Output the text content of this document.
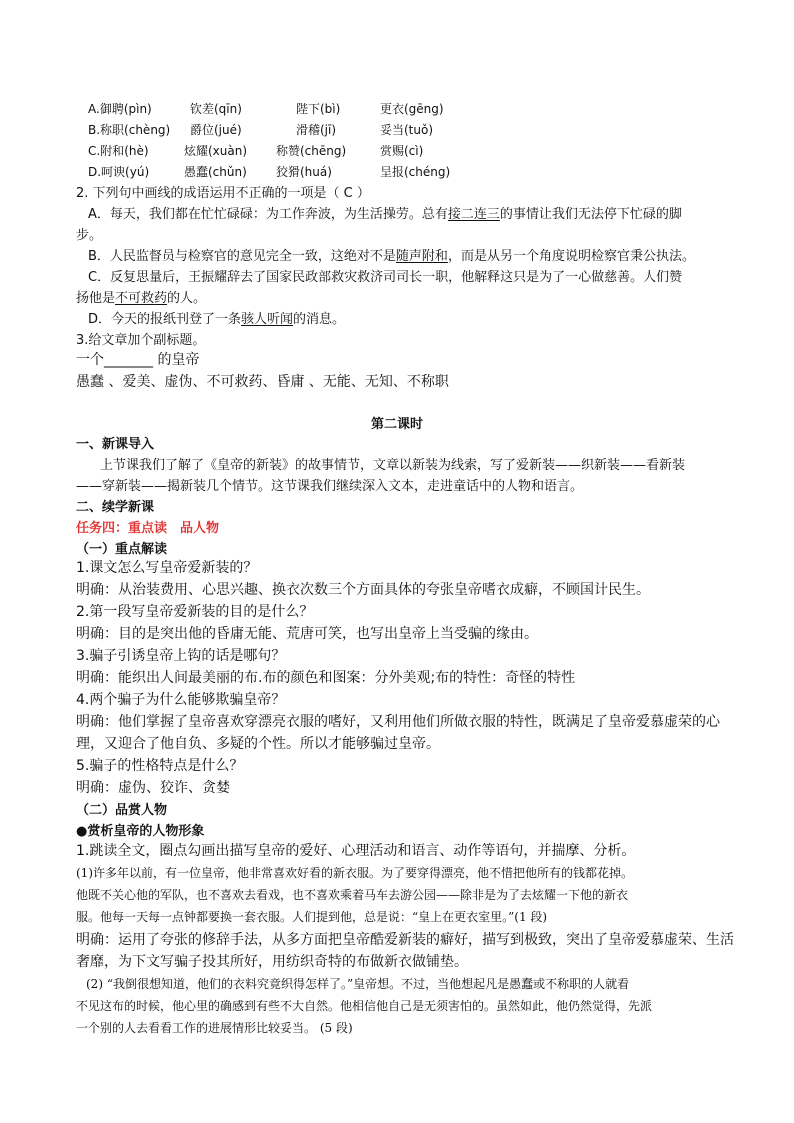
A.御聘(pìn)	钦差(qīn)	陛下(bì)	更衣(gēng)
B.称职(chèng) 爵位(jué)	滑稽(jī)	妥当(tuǒ)
C.附和(hè)	炫耀(xuàn) 称赞(chēng)	赏赐(cì)
D.呵谀(yú)	愚蠢(chǔn) 狡猾(huá)	呈报(chéng)
2. 下列句中画线的成语运用不正确的一项是（ C ）
A．每天，我们都在忙忙碌碌：为工作奔波，为生活操劳。总有接二连三的事情让我们无法停下忙碌的脚
步。
B．人民监督员与检察官的意见完全一致，这绝对不是随声附和，而是从另一个角度说明检察官秉公执法。
C．反复思量后，王振耀辞去了国家民政部救灾救济司司长一职，他解释这只是为了一心做慈善。人们赞
扬他是不可救药的人。
D．今天的报纸刊登了一条骇人听闻的消息。
3.给文章加个副标题。
一个_______ 的皇帝
愚蠢 、爱美、虚伪、不可救药、昏庸 、无能、无知、不称职
第二课时
一、新课导入
上节课我们了解了《皇帝的新装》的故事情节，文章以新装为线索，写了爱新装——织新装——看新装
——穿新装——揭新装几个情节。这节课我们继续深入文本，走进童话中的人物和语言。
二、续学新课
任务四：重点读　品人物
（一）重点解读
1.课文怎么写皇帝爱新装的？
明确：从治装费用、心思兴趣、换衣次数三个方面具体的夸张皇帝嗜衣成癖，不顾国计民生。
2.第一段写皇帝爱新装的目的是什么？
明确：目的是突出他的昏庸无能、荒唐可笑，也写出皇帝上当受骗的缘由。
3.骗子引诱皇帝上钩的话是哪句？
明确：能织出人间最美丽的布.布的颜色和图案：分外美观;布的特性：奇怪的特性
4.两个骗子为什么能够欺骗皇帝？
明确：他们掌握了皇帝喜欢穿漂亮衣服的嗜好，又利用他们所做衣服的特性，既满足了皇帝爱慕虚荣的心
理，又迎合了他自负、多疑的个性。所以才能够骗过皇帝。
5.骗子的性格特点是什么？
明确：虚伪、狡诈、贪婪
（二）品赏人物
●赏析皇帝的人物形象
1.跳读全文，圈点勾画出描写皇帝的爱好、心理活动和语言、动作等语句，并揣摩、分析。
(1)许多年以前，有一位皇帝，他非常喜欢好看的新衣服。为了要穿得漂亮，他不惜把他所有的钱都花掉。
他既不关心他的军队，也不喜欢去看戏，也不喜欢乘着马车去游公园——除非是为了去炫耀一下他的新衣
服。他每一天每一点钟都要换一套衣服。人们提到他，总是说：“皇上在更衣室里。”(1 段)
明确：运用了夸张的修辞手法，从多方面把皇帝酷爱新装的癖好，描写到极致，突出了皇帝爱慕虚荣、生活
奢靡，为下文写骗子投其所好，用纺织奇特的布做新衣做铺垫。
(2) “我倒很想知道，他们的衣料究竟织得怎样了。”皇帝想。不过，当他想起凡是愚蠢或不称职的人就看
不见这布的时候，他心里的确感到有些不大自然。他相信他自己是无须害怕的。虽然如此，他仍然觉得，先派
一个别的人去看看工作的进展情形比较妥当。 (5 段)
